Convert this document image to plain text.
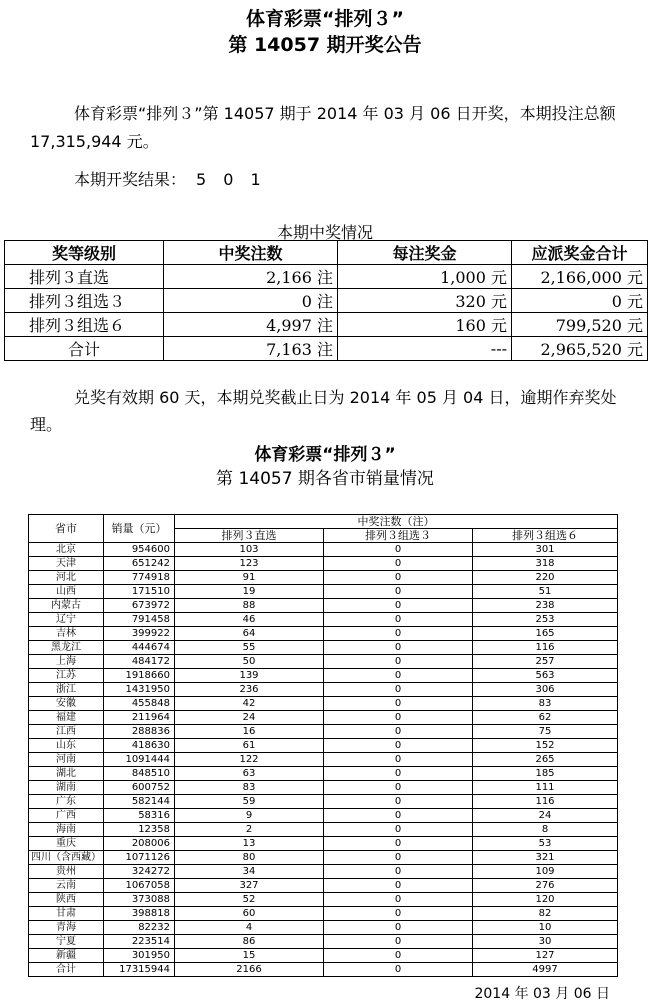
体育彩票“排列３”
第 14057 期开奖公告
体育彩票“排列３”第 14057 期于 2014 年 03 月 06 日开奖，本期投注总额 17,315,944 元。
本期开奖结果： 5 0 1
本期中奖情况
奖等级别	中奖注数	每注奖金	应派奖金合计
排列３直选	2,166 注	1,000 元	2,166,000 元
排列３组选３	0 注	320 元	0 元
排列３组选６	4,997 注	160 元	799,520 元
合计	7,163 注	---	2,965,520 元
兑奖有效期 60 天，本期兑奖截止日为 2014 年 05 月 04 日，逾期作弃奖处理。
体育彩票“排列３”
第 14057 期各省市销量情况
省市	销量（元）	中奖注数（注）		
		排列３直选	排列３组选３	排列３组选６
北京	954600	103	0	301
天津	651242	123	0	318
河北	774918	91	0	220
山西	171510	19	0	51
内蒙古	673972	88	0	238
辽宁	791458	46	0	253
吉林	399922	64	0	165
黑龙江	444674	55	0	116
上海	484172	50	0	257
江苏	1918660	139	0	563
浙江	1431950	236	0	306
安徽	455848	42	0	83
福建	211964	24	0	62
江西	288836	16	0	75
山东	418630	61	0	152
河南	1091444	122	0	265
湖北	848510	63	0	185
湖南	600752	83	0	111
广东	582144	59	0	116
广西	58316	9	0	24
海南	12358	2	0	8
重庆	208006	13	0	53
四川（含西藏）	1071126	80	0	321
贵州	324272	34	0	109
云南	1067058	327	0	276
陕西	373088	52	0	120
甘肃	398818	60	0	82
青海	82232	4	0	10
宁夏	223514	86	0	30
新疆	301950	15	0	127
合计	17315944	2166	0	4997
2014 年 03 月 06 日
